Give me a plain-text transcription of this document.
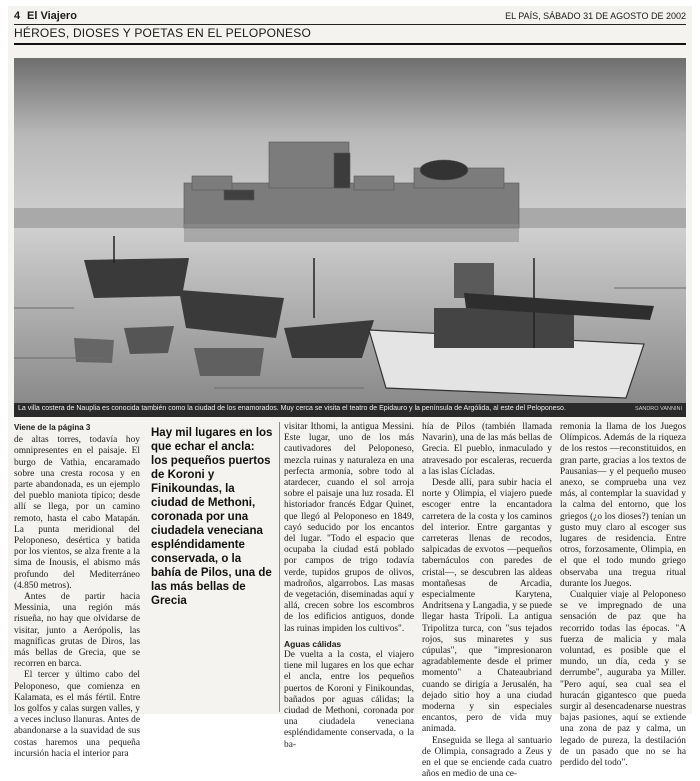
4 El Viajero	EL PAÍS, SÁBADO 31 DE AGOSTO DE 2002
HÉROES, DIOSES Y POETAS EN EL PELOPONESO
La villa costera de Nauplia es conocida también como la ciudad de los enamorados. Muy cerca se visita el teatro de Epidauro y la península de Argólida, al este del Peloponeso.	SANDRO VANNINI

Viene de la página 3

de altas torres, todavía hoy omnipresentes en el paisaje. El burgo de Vathia, encaramado sobre una cresta rocosa y en parte abandonada, es un ejemplo del pueblo maniota típico; desde allí se llega, por un camino remoto, hasta el cabo Matapán. La punta meridional del Peloponeso, desértica y batida por los vientos, se alza frente a la sima de Inousis, el abismo más profundo del Mediterráneo (4.850 metros).

Antes de partir hacia Messinia, una región más risueña, no hay que olvidarse de visitar, junto a Aerópolis, las magníficas grutas de Diros, las más bellas de Grecia, que se recorren en barca.

El tercer y último cabo del Peloponeso, que comienza en Kalamata, es el más fértil. Entre los golfos y calas surgen valles, y a veces incluso llanuras. Antes de abandonarse a la suavidad de sus costas haremos una pequeña incursión hacia el interior para

Hay mil lugares en los que echar el ancla: los pequeños puertos de Koroni y Finikoundas, la ciudad de Methoni, coronada por una ciudadela veneciana espléndidamente conservada, o la bahía de Pilos, una de las más bellas de Grecia

visitar Ithomi, la antigua Messini. Este lugar, uno de los más cautivadores del Peloponeso, mezcla ruinas y naturaleza en una perfecta armonía, sobre todo al atardecer, cuando el sol arroja sobre el paisaje una luz rosada. El historiador francés Edgar Quinet, que llegó al Peloponeso en 1849, cayó seducido por los encantos del lugar. "Todo el espacio que ocupaba la ciudad está poblado por campos de trigo todavía verde, tupidos grupos de olivos, madroños, algarrobos. Las masas de vegetación, diseminadas aquí y allá, crecen sobre los escombros de los edificios antiguos, donde las ruinas impiden los cultivos".

Aguas cálidas

De vuelta a la costa, el viajero tiene mil lugares en los que echar el ancla, entre los pequeños puertos de Koroni y Finikoundas, bañados por aguas cálidas; la ciudad de Methoni, coronada por una ciudadela veneciana espléndidamente conservada, o la ba-

hía de Pilos (también llamada Navarin), una de las más bellas de Grecia. El pueblo, inmaculado y atravesado por escaleras, recuerda a las islas Cícladas.

Desde allí, para subir hacia el norte y Olimpia, el viajero puede escoger entre la encantadora carretera de la costa y los caminos del interior. Entre gargantas y carreteras llenas de recodos, salpicadas de exvotos —pequeños tabernáculos con paredes de cristal—, se descubren las aldeas montañesas de Arcadia, especialmente Karytena, Andritsena y Langadia, y se puede llegar hasta Trípoli. La antigua Tripolitza turca, con "sus tejados rojos, sus minaretes y sus cúpulas", que "impresionaron agradablemente desde el primer momento" a Chateaubriand cuando se dirigía a Jerusalén, ha dejado sitio hoy a una ciudad moderna y sin especiales encantos, pero de vida muy animada.

Enseguida se llega al santuario de Olimpia, consagrado a Zeus y en el que se enciende cada cuatro años en medio de una ce-

remonia la llama de los Juegos Olímpicos. Además de la riqueza de los restos —reconstituidos, en gran parte, gracias a los textos de Pausanias— y el pequeño museo anexo, se comprueba una vez más, al contemplar la suavidad y la calma del entorno, que los griegos (¿o los dioses?) tenían un gusto muy claro al escoger sus lugares de residencia. Entre otros, forzosamente, Olimpia, en el que el todo mundo griego observaba una tregua ritual durante los Juegos.

Cualquier viaje al Peloponeso se ve impregnado de una sensación de paz que ha recorrido todas las épocas. "A fuerza de malicia y mala voluntad, es posible que el mundo, un día, ceda y se derrumbe", auguraba ya Miller. "Pero aquí, sea cual sea el huracán gigantesco que pueda surgir al desencadenarse nuestras bajas pasiones, aquí se extiende una zona de paz y calma, un legado de pureza, la destilación de un pasado que no se ha perdido del todo".
